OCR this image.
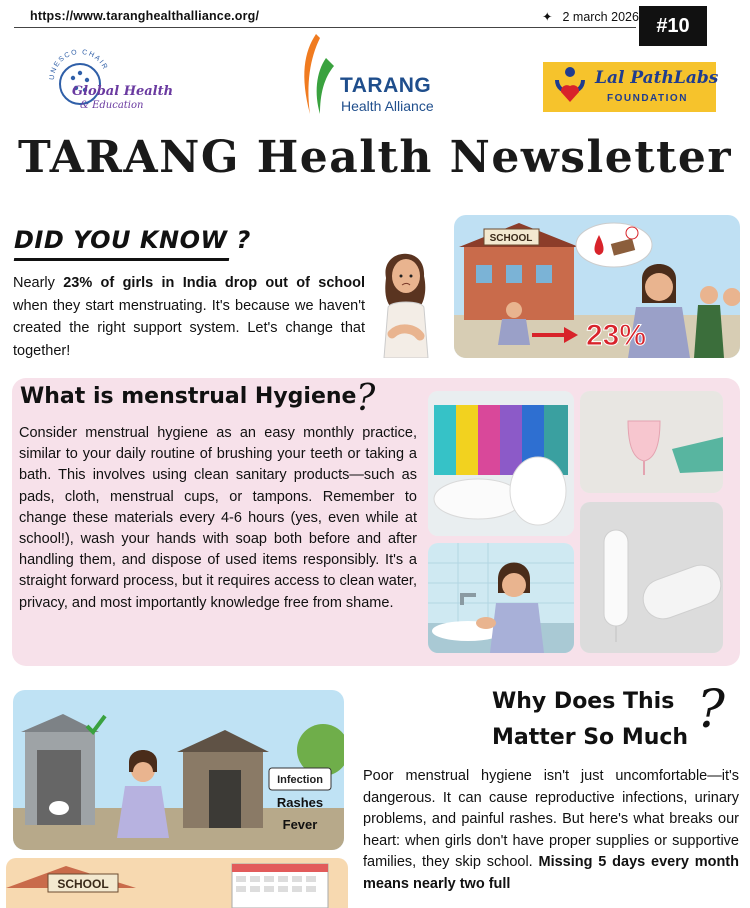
https://www.taranghealthalliance.org/	✦ 2 march 2026 #10
UNESCO CHAIR
Global Health
& Education
TARANG
Health Alliance
Lal PathLabs
FOUNDATION
TARANG Health Newsletter
DID YOU KNOW ?
Nearly 23% of girls in India drop out of school when they start menstruating. It's because we haven't created the right support system. Let's change that together!
SCHOOL
23%
What is menstrual Hygiene ?
Consider menstrual hygiene as an easy monthly practice, similar to your daily routine of brushing your teeth or taking a bath. This involves using clean sanitary products—such as pads, cloth, menstrual cups, or tampons. Remember to change these materials every 4-6 hours (yes, even while at school!), wash your hands with soap both before and after handling them, and dispose of used items responsibly. It's a straight forward process, but it requires access to clean water, privacy, and most importantly knowledge free from shame.
Infection
Rashes
Fever
SCHOOL
Why Does This
Matter So Much ?
Poor menstrual hygiene isn't just uncomfortable—it's dangerous. It can cause reproductive infections, urinary problems, and painful rashes. But here's what breaks our heart: when girls don't have proper supplies or supportive families, they skip school. Missing 5 days every month means nearly two full
